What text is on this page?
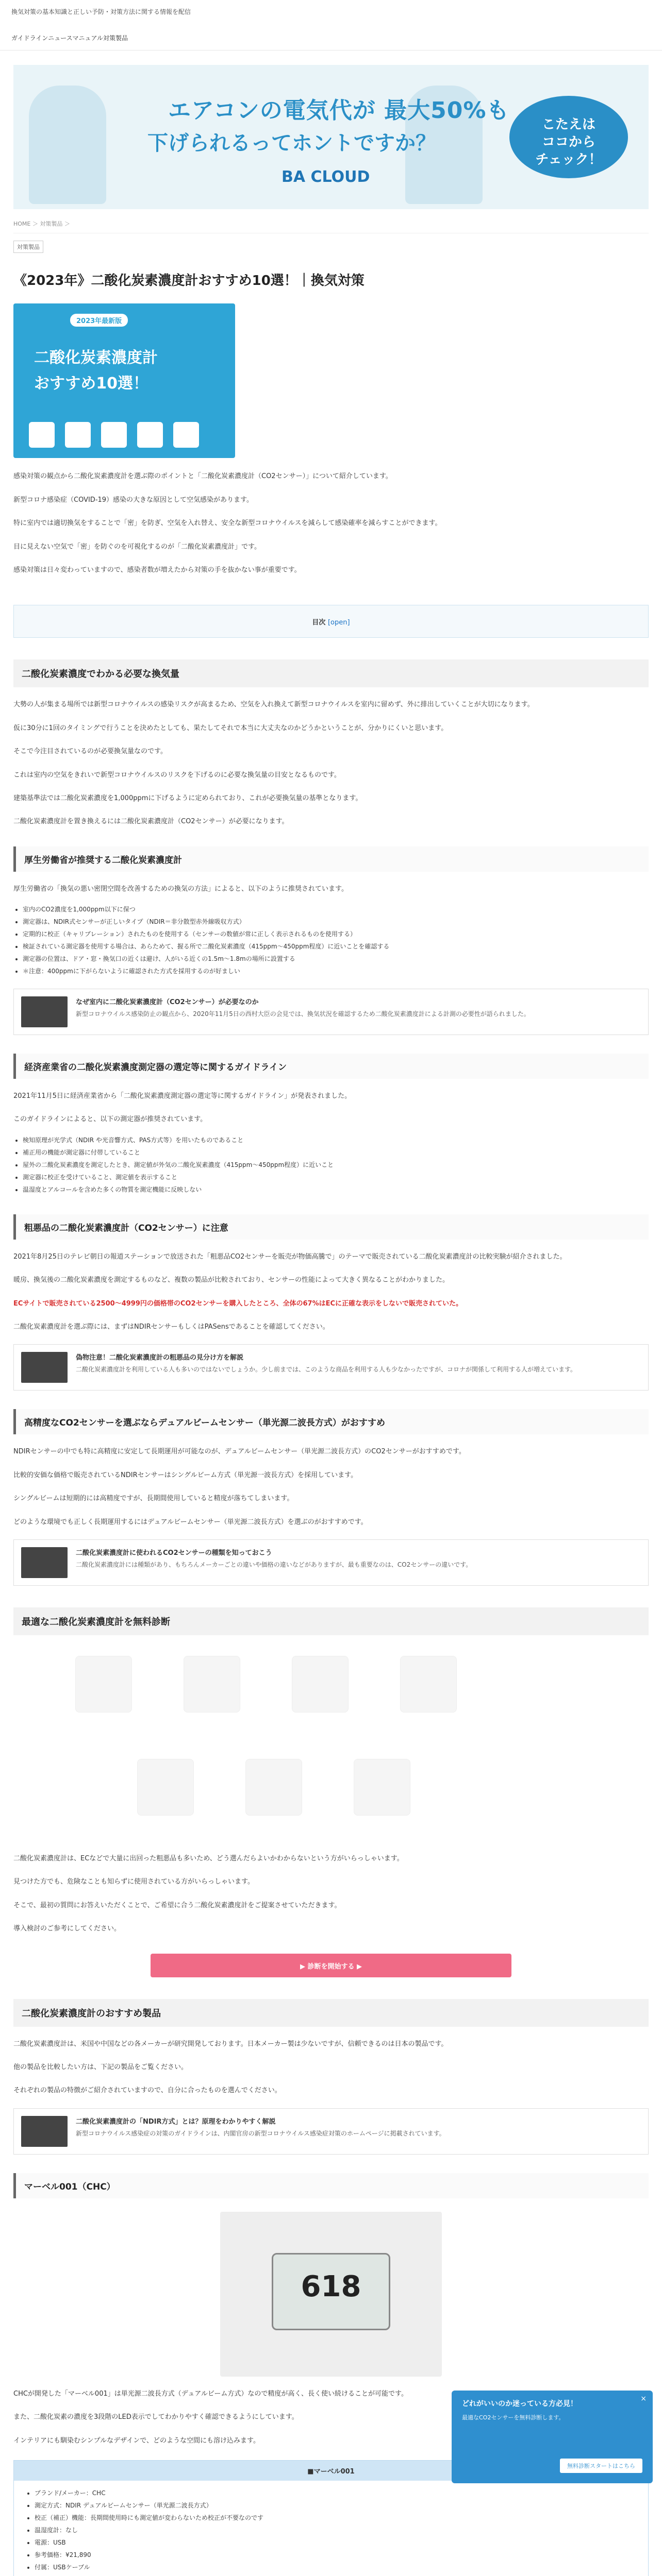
換気対策の基本知識と正しい予防・対策方法に関する情報を配信
ガイドラインニュースマニュアル対策製品
エアコンの電気代が 最大50%も
下げられるってホントですか？
BA CLOUD
こたえは
ココから
チェック！
HOME ＞ 対策製品 ＞
対策製品
《2023年》二酸化炭素濃度計おすすめ10選！｜換気対策
2023年最新版
二酸化炭素濃度計
おすすめ10選！

感染対策の観点から二酸化炭素濃度計を選ぶ際のポイントと「二酸化炭素濃度計（CO2センサー）」について紹介しています。

新型コロナ感染症（COVID-19）感染の大きな原因として空気感染があります。

特に室内では適切換気をすることで「密」を防ぎ、空気を入れ替え、安全な新型コロナウイルスを減らして感染確率を減らすことができます。

目に見えない空気で「密」を防ぐのを可視化するのが「二酸化炭素濃度計」です。

感染対策は日々変わっていますので、感染者数が増えたから対策の手を抜かない事が重要です。

目次 [open]
二酸化炭素濃度でわかる必要な換気量

大勢の人が集まる場所では新型コロナウイルスの感染リスクが高まるため、空気を入れ換えて新型コロナウイルスを室内に留めず、外に排出していくことが大切になります。

仮に30分に1回のタイミングで行うことを決めたとしても、果たしてそれで本当に大丈夫なのかどうかということが、分かりにくいと思います。

そこで今注目されているのが必要換気量なのです。

これは室内の空気をきれいで新型コロナウイルスのリスクを下げるのに必要な換気量の目安となるものです。

建築基準法では二酸化炭素濃度を1,000ppmに下げるように定められており、これが必要換気量の基準となります。

二酸化炭素濃度計を置き換えるには二酸化炭素濃度計（CO2センサー）が必要になります。

厚生労働省が推奨する二酸化炭素濃度計

厚生労働省の「換気の悪い密閉空間を改善するための換気の方法」によると、以下のように推奨されています。

• 室内のCO2濃度を1,000ppm以下に保つ
• 測定器は、NDIR式センサーが正しいタイプ（NDIR＝非分散型赤外線吸収方式）
• 定期的に校正（キャリブレーション）されたものを使用する（センサーの数値が常に正しく表示されるものを使用する）
• 検証されている測定器を使用する場合は、あらためて、握る所で二酸化炭素濃度（415ppm〜450ppm程度）に近いことを確認する
• 測定器の位置は、ドア・窓・換気口の近くは避け、人がいる近くの1.5m〜1.8mの場所に設置する
• ＊注意：400ppmに下がらないように確認された方式を採用するのが好ましい
なぜ室内に二酸化炭素濃度計（CO2センサー）が必要なのか
新型コロナウイルス感染防止の観点から、2020年11月5日の西村大臣の会見では、換気状況を確認するため二酸化炭素濃度計による計測の必要性が語られました。
経済産業省の二酸化炭素濃度測定器の選定等に関するガイドライン

2021年11月5日に経済産業省から「二酸化炭素濃度測定器の選定等に関するガイドライン」が発表されました。

このガイドラインによると、以下の測定器が推奨されています。

• 検知原理が光学式（NDIR や光音響方式、PAS方式等）を用いたものであること
• 補正用の機能が測定器に付帯していること
• 屋外の二酸化炭素濃度を測定したとき、測定値が外気の二酸化炭素濃度（415ppm〜450ppm程度）に近いこと
• 測定器に校正を受けていること、測定値を表示すること
• 温湿度とアルコールを含めた多くの物質を測定機能に反映しない
粗悪品の二酸化炭素濃度計（CO2センサー）に注意

2021年8月25日のテレビ朝日の報道ステーションで放送された「粗悪品CO2センサーを販売が物価高騰で」のテーマで販売されている二酸化炭素濃度計の比較実験が紹介されました。

暖房、換気後の二酸化炭素濃度を測定するものなど、複数の製品が比較されており、センサーの性能によって大きく異なることがわかりました。

ECサイトで販売されている2500〜4999円の価格帯のCO2センサーを購入したところ、全体の67%はECに正確な表示をしないで販売されていた。

二酸化炭素濃度計を選ぶ際には、まずはNDIRセンサーもしくはPASensであることを確認してください。

偽物注意！二酸化炭素濃度計の粗悪品の見分け方を解説
二酸化炭素濃度計を利用している人も多いのではないでしょうか。少し前までは、このような商品を利用する人も少なかったですが、コロナが関係して利用する人が増えています。
高精度なCO2センサーを選ぶならデュアルビームセンサー（単光源二波長方式）がおすすめ

NDIRセンサーの中でも特に高精度に安定して長期運用が可能なのが、デュアルビームセンサー（単光源二波長方式）のCO2センサーがおすすめです。

比較的安価な価格で販売されているNDIRセンサーはシングルビーム方式（単光源一波長方式）を採用しています。

シングルビームは短期的には高精度ですが、長期間使用していると精度が落ちてしまいます。

どのような環境でも正しく長期運用するにはデュアルビームセンサー（単光源二波長方式）を選ぶのがおすすめです。

二酸化炭素濃度計に使われるCO2センサーの種類を知っておこう
二酸化炭素濃度計には種類があり、もちろんメーカーごとの違いや価格の違いなどがありますが、最も重要なのは、CO2センサーの違いです。
最適な二酸化炭素濃度計を無料診断

二酸化炭素濃度計は、ECなどで大量に出回った粗悪品も多いため、どう選んだらよいかわからないという方がいらっしゃいます。

見つけた方でも、危険なことも知らずに使用されている方がいらっしゃいます。

そこで、最初の質問にお答えいただくことで、ご希望に合う二酸化炭素濃度計をご提案させていただきます。

導入検討のご参考にしてください。

▶ 診断を開始する ▶
二酸化炭素濃度計のおすすめ製品

二酸化炭素濃度計は、米国や中国などの各メーカーが研究開発しております。日本メーカー製は少ないですが、信頼できるのは日本の製品です。

他の製品を比較したい方は、下記の製品をご覧ください。

それぞれの製品の特徴がご紹介されていますので、自分に合ったものを選んでください。

二酸化炭素濃度計の「NDIR方式」とは？原理をわかりやすく解説
新型コロナウイルス感染症の対策のガイドラインは、内閣官房の新型コロナウイルス感染症対策のホームページに掲載されています。
マーベル001（CHC）
618

CHCが開発した「マーベル001」は単光源二波長方式（デュアルビーム方式）なので精度が高く、長く使い続けることが可能です。

また、二酸化炭素の濃度を3段階のLED表示でしてわかりやすく確認できるようにしています。

インテリアにも馴染むシンプルなデザインで、どのような空間にも溶け込みます。

■マーベル001
• ブランド/メーカー：CHC
• 測定方式：NDIR デュアルビームセンサー（単光源二波長方式）
• 校正（補正）機能：長期間使用時にも測定値が変わらないため校正が不要なのです
• 温湿度計：なし
• 電源：USB
• 参考価格：¥21,890
• 付属：USBケーブル

×
どれがいいのか迷っている方必見！
最適なCO2センサーを無料診断します。
無料診断スタートはこちら
